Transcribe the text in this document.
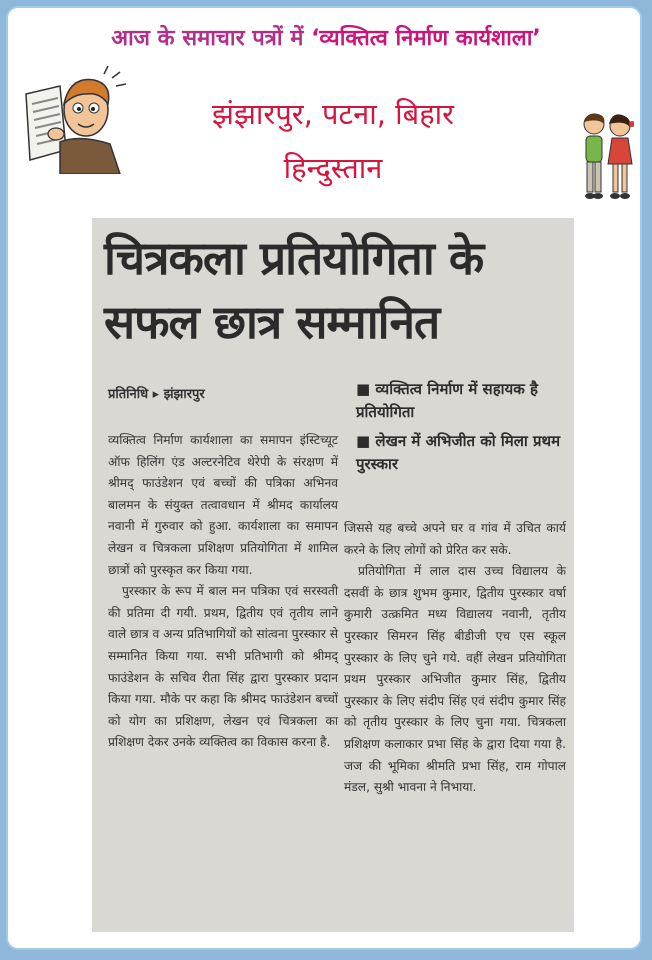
आज के समाचार पत्रों में ‘व्यक्तित्व निर्माण कार्यशाला’
झंझारपुर, पटना, बिहार
हिन्दुस्तान
चित्रकला प्रतियोगिता के
सफल छात्र सम्मानित
प्रतिनिधि ▸ झंझारपुर	■ व्यक्तित्व निर्माण में सहायक है प्रतियोगिता
■ लेखन में अभिजीत को मिला प्रथम पुरस्कार

व्यक्तित्व निर्माण कार्यशाला का समापन इंस्टिच्यूट ऑफ हिलिंग एंड अल्टरनेटिव थेरेपी के संरक्षण में श्रीमद् फाउंडेशन एवं बच्चों की पत्रिका अभिनव बालमन के संयुक्त तत्वावधान में श्रीमद कार्यालय नवानी में गुरुवार को हुआ. कार्यशाला का समापन लेखन व चित्रकला प्रशिक्षण प्रतियोगिता में शामिल छात्रों को पुरस्कृत कर किया गया.

पुरस्कार के रूप में बाल मन पत्रिका एवं सरस्वती की प्रतिमा दी गयी. प्रथम, द्वितीय एवं तृतीय लाने वाले छात्र व अन्य प्रतिभागियों को सांत्वना पुरस्कार से सम्मानित किया गया. सभी प्रतिभागी को श्रीमद् फाउंडेशन के सचिव रीता सिंह द्वारा पुरस्कार प्रदान किया गया. मौके पर कहा कि श्रीमद फाउंडेशन बच्चों को योग का प्रशिक्षण, लेखन एवं चित्रकला का प्रशिक्षण देकर उनके व्यक्तित्व का विकास करना है.

जिससे यह बच्चे अपने घर व गांव में उचित कार्य करने के लिए लोगों को प्रेरित कर सके.

प्रतियोगिता में लाल दास उच्च विद्यालय के दसवीं के छात्र शुभम कुमार, द्वितीय पुरस्कार वर्षा कुमारी उत्क्रमित मध्य विद्यालय नवानी, तृतीय पुरस्कार सिमरन सिंह बीडीजी एच एस स्कूल पुरस्कार के लिए चुने गये. वहीं लेखन प्रतियोगिता प्रथम पुरस्कार अभिजीत कुमार सिंह, द्वितीय पुरस्कार के लिए संदीप सिंह एवं संदीप कुमार सिंह को तृतीय पुरस्कार के लिए चुना गया. चित्रकला प्रशिक्षण कलाकार प्रभा सिंह के द्वारा दिया गया है. जज की भूमिका श्रीमति प्रभा सिंह, राम गोपाल मंडल, सुश्री भावना ने निभाया.
